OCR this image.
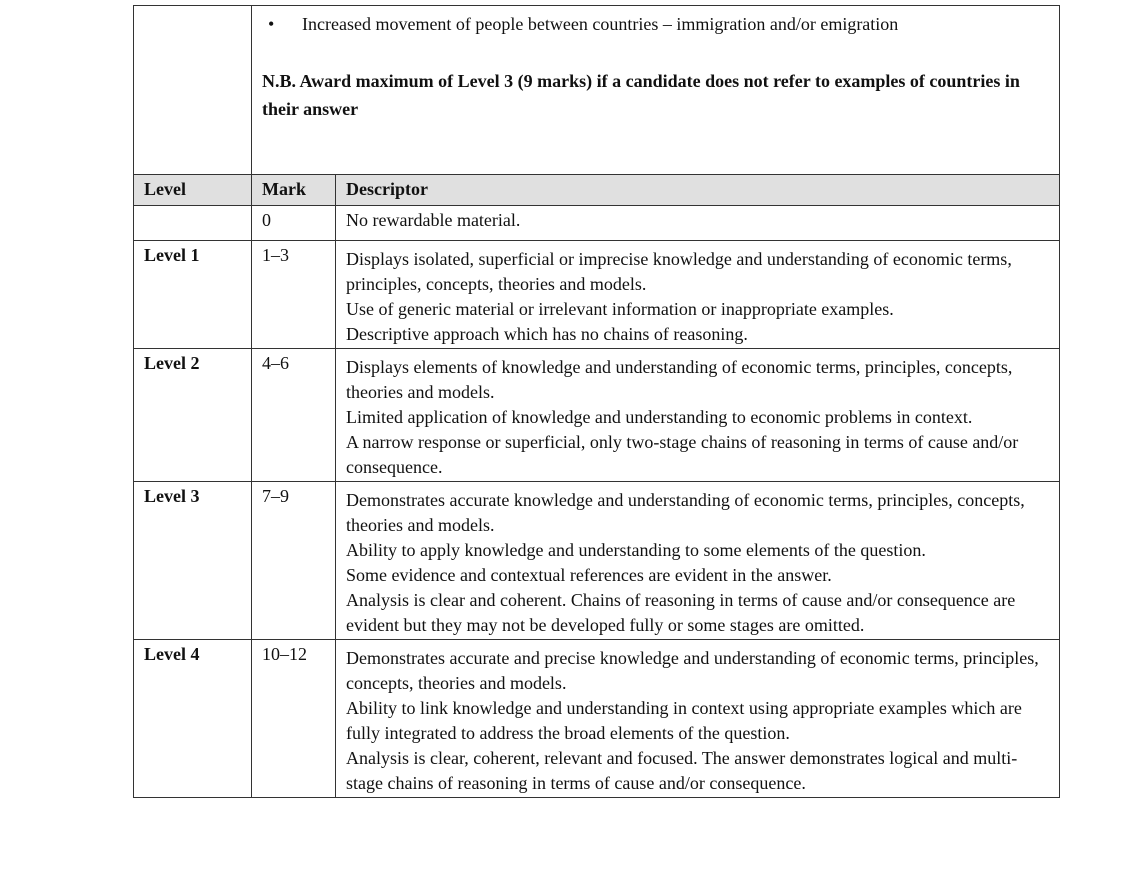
	• Increased movement of people between countries – immigration and/or emigration

N.B. Award maximum of Level 3 (9 marks) if a candidate does not refer to examples of countries in their answer	

Level	Mark	Descriptor
	0	No rewardable material.

Level 1	1–3	Displays isolated, superficial or imprecise knowledge and understanding of economic terms, principles, concepts, theories and models.
Use of generic material or irrelevant information or inappropriate examples.
Descriptive approach which has no chains of reasoning.

Level 2	4–6	Displays elements of knowledge and understanding of economic terms, principles, concepts, theories and models.
Limited application of knowledge and understanding to economic problems in context.
A narrow response or superficial, only two-stage chains of reasoning in terms of cause and/or consequence.

Level 3	7–9	Demonstrates accurate knowledge and understanding of economic terms, principles, concepts, theories and models.
Ability to apply knowledge and understanding to some elements of the question.
Some evidence and contextual references are evident in the answer.
Analysis is clear and coherent. Chains of reasoning in terms of cause and/or consequence are evident but they may not be developed fully or some stages are omitted.

Level 4	10–12	Demonstrates accurate and precise knowledge and understanding of economic terms, principles, concepts, theories and models.
Ability to link knowledge and understanding in context using appropriate examples which are fully integrated to address the broad elements of the question.
Analysis is clear, coherent, relevant and focused. The answer demonstrates logical and multi-stage chains of reasoning in terms of cause and/or consequence.
